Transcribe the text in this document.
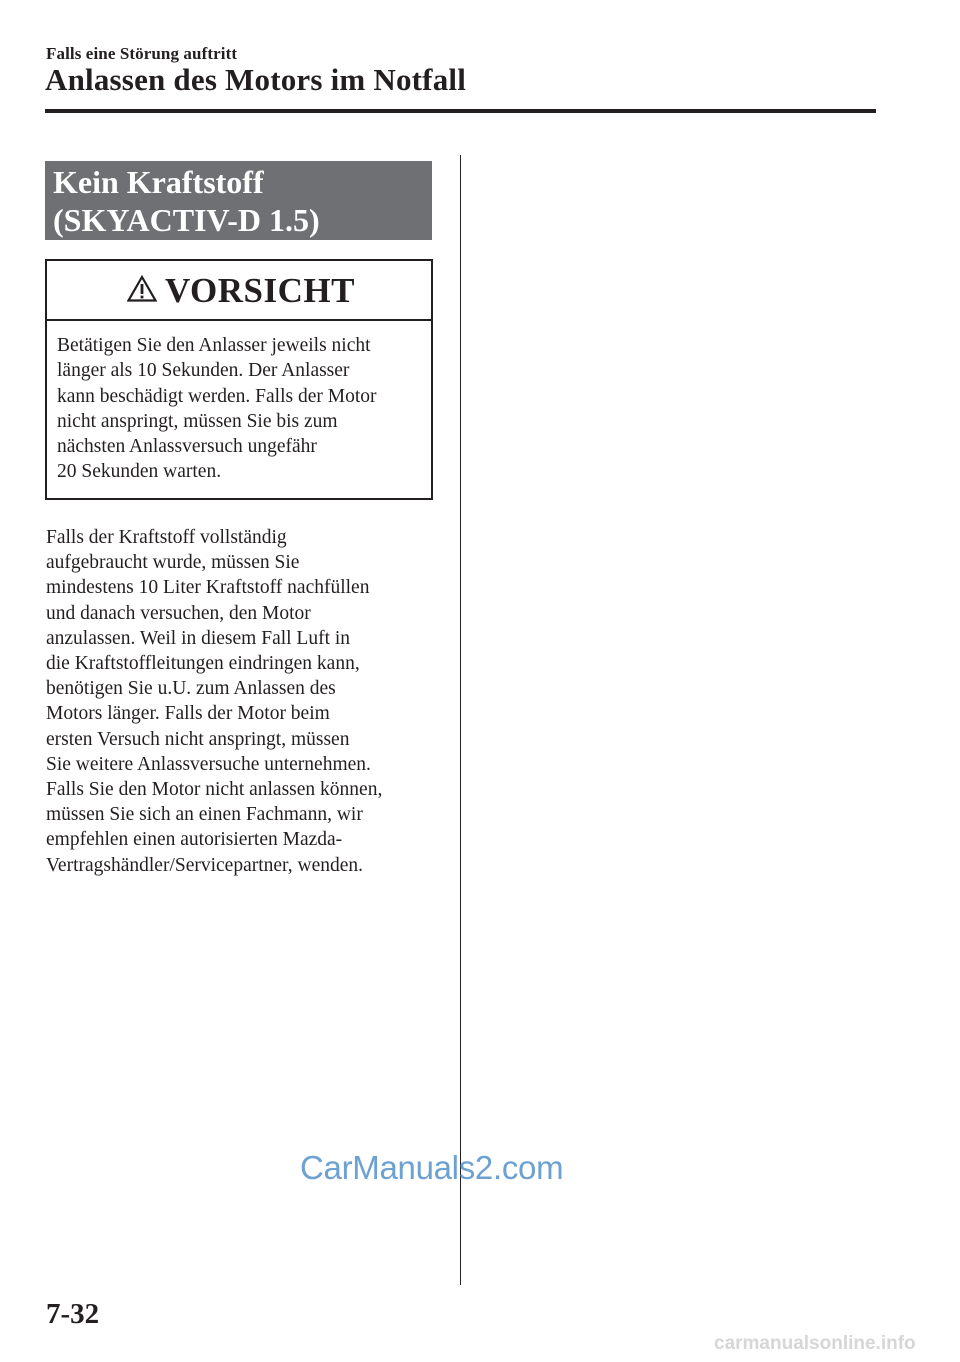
Falls eine Störung auftritt
Anlassen des Motors im Notfall
Kein Kraftstoff
(SKYACTIV-D 1.5)
VORSICHT
Betätigen Sie den Anlasser jeweils nicht
länger als 10 Sekunden. Der Anlasser
kann beschädigt werden. Falls der Motor
nicht anspringt, müssen Sie bis zum
nächsten Anlassversuch ungefähr
20 Sekunden warten.
Falls der Kraftstoff vollständig
aufgebraucht wurde, müssen Sie
mindestens 10 Liter Kraftstoff nachfüllen
und danach versuchen, den Motor
anzulassen. Weil in diesem Fall Luft in
die Kraftstoffleitungen eindringen kann,
benötigen Sie u.U. zum Anlassen des
Motors länger. Falls der Motor beim
ersten Versuch nicht anspringt, müssen
Sie weitere Anlassversuche unternehmen.
Falls Sie den Motor nicht anlassen können,
müssen Sie sich an einen Fachmann, wir
empfehlen einen autorisierten Mazda-
Vertragshändler/Servicepartner, wenden.
CarManuals2.com
7-32
carmanualsonline.info
